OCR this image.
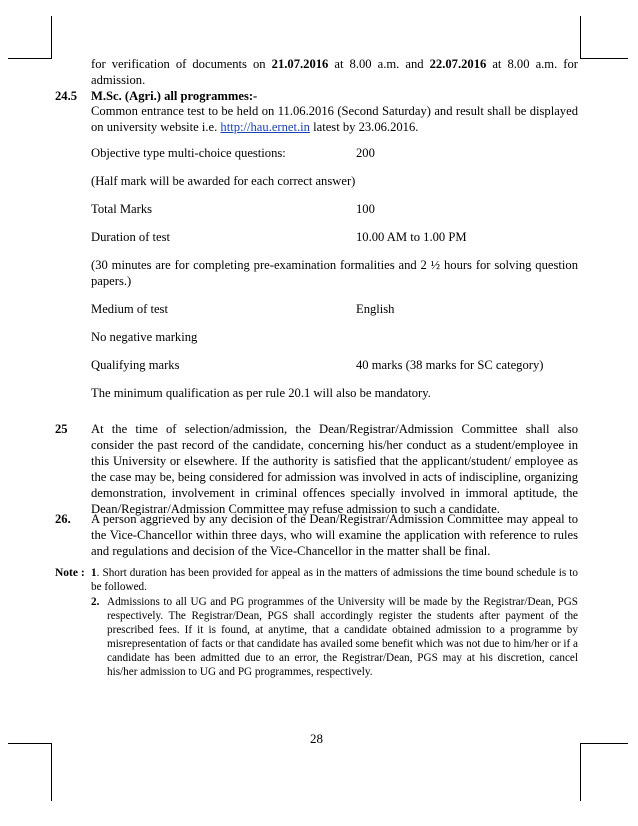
for verification of documents on 21.07.2016 at 8.00 a.m. and 22.07.2016 at 8.00 a.m. for admission.
24.5 M.Sc. (Agri.) all programmes:-
Common entrance test to be held on 11.06.2016 (Second Saturday) and result shall be displayed on university website i.e. http://hau.ernet.in latest by 23.06.2016.
Objective type multi-choice questions:	200
(Half mark will be awarded for each correct answer)
Total Marks	100
Duration of test	10.00 AM to 1.00 PM
(30 minutes are for completing pre-examination formalities and 2 ½ hours for solving question papers.)
Medium of test	English
No negative marking
Qualifying marks	40 marks (38 marks for SC category)
The minimum qualification as per rule 20.1 will also be mandatory.
25 At the time of selection/admission, the Dean/Registrar/Admission Committee shall also consider the past record of the candidate, concerning his/her conduct as a student/employee in this University or elsewhere. If the authority is satisfied that the applicant/student/ employee as the case may be, being considered for admission was involved in acts of indiscipline, organizing demonstration, involvement in criminal offences specially involved in immoral aptitude, the Dean/Registrar/Admission Committee may refuse admission to such a candidate.
26. A person aggrieved by any decision of the Dean/Registrar/Admission Committee may appeal to the Vice-Chancellor within three days, who will examine the application with reference to rules and regulations and decision of the Vice-Chancellor in the matter shall be final.
Note : 1. Short duration has been provided for appeal as in the matters of admissions the time bound schedule is to be followed.
2. Admissions to all UG and PG programmes of the University will be made by the Registrar/Dean, PGS respectively. The Registrar/Dean, PGS shall accordingly register the students after payment of the prescribed fees. If it is found, at anytime, that a candidate obtained admission to a programme by misrepresentation of facts or that candidate has availed some benefit which was not due to him/her or if a candidate has been admitted due to an error, the Registrar/Dean, PGS may at his discretion, cancel his/her admission to UG and PG programmes, respectively.
28
